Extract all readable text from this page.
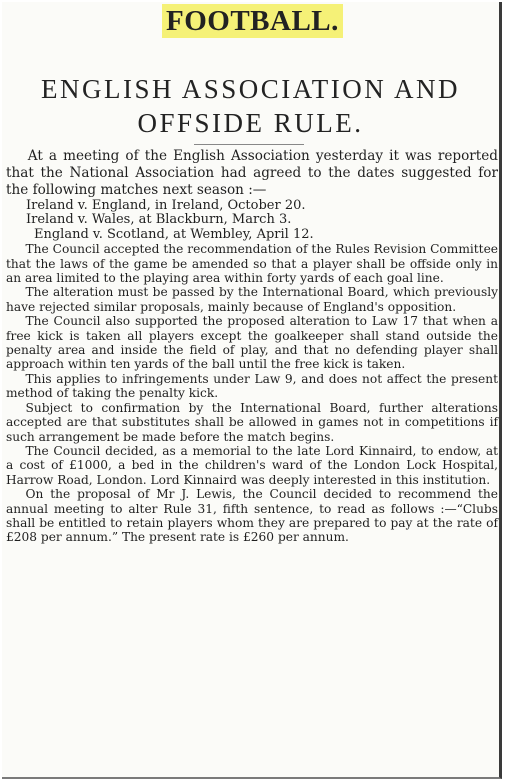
FOOTBALL.
ENGLISH ASSOCIATION AND
OFFSIDE RULE.

At a meeting of the English Association yesterday it was reported that the National Association had agreed to the dates suggested for the following matches next season :—

Ireland v. England, in Ireland, October 20.

Ireland v. Wales, at Blackburn, March 3.

England v. Scotland, at Wembley, April 12.

The Council accepted the recommendation of the Rules Revision Committee that the laws of the game be amended so that a player shall be offside only in an area limited to the playing area within forty yards of each goal line.

The alteration must be passed by the International Board, which previously have rejected similar proposals, mainly because of England's opposition.

The Council also supported the proposed alteration to Law 17 that when a free kick is taken all players except the goalkeeper shall stand outside the penalty area and inside the field of play, and that no defending player shall approach within ten yards of the ball until the free kick is taken.

This applies to infringements under Law 9, and does not affect the present method of taking the penalty kick.

Subject to confirmation by the International Board, further alterations accepted are that substitutes shall be allowed in games not in competitions if such arrangement be made before the match begins.

The Council decided, as a memorial to the late Lord Kinnaird, to endow, at a cost of £1000, a bed in the children's ward of the London Lock Hospital, Harrow Road, London. Lord Kinnaird was deeply interested in this institution.

On the proposal of Mr J. Lewis, the Council decided to recommend the annual meeting to alter Rule 31, fifth sentence, to read as follows :—“Clubs shall be entitled to retain players whom they are prepared to pay at the rate of £208 per annum.” The present rate is £260 per annum.
